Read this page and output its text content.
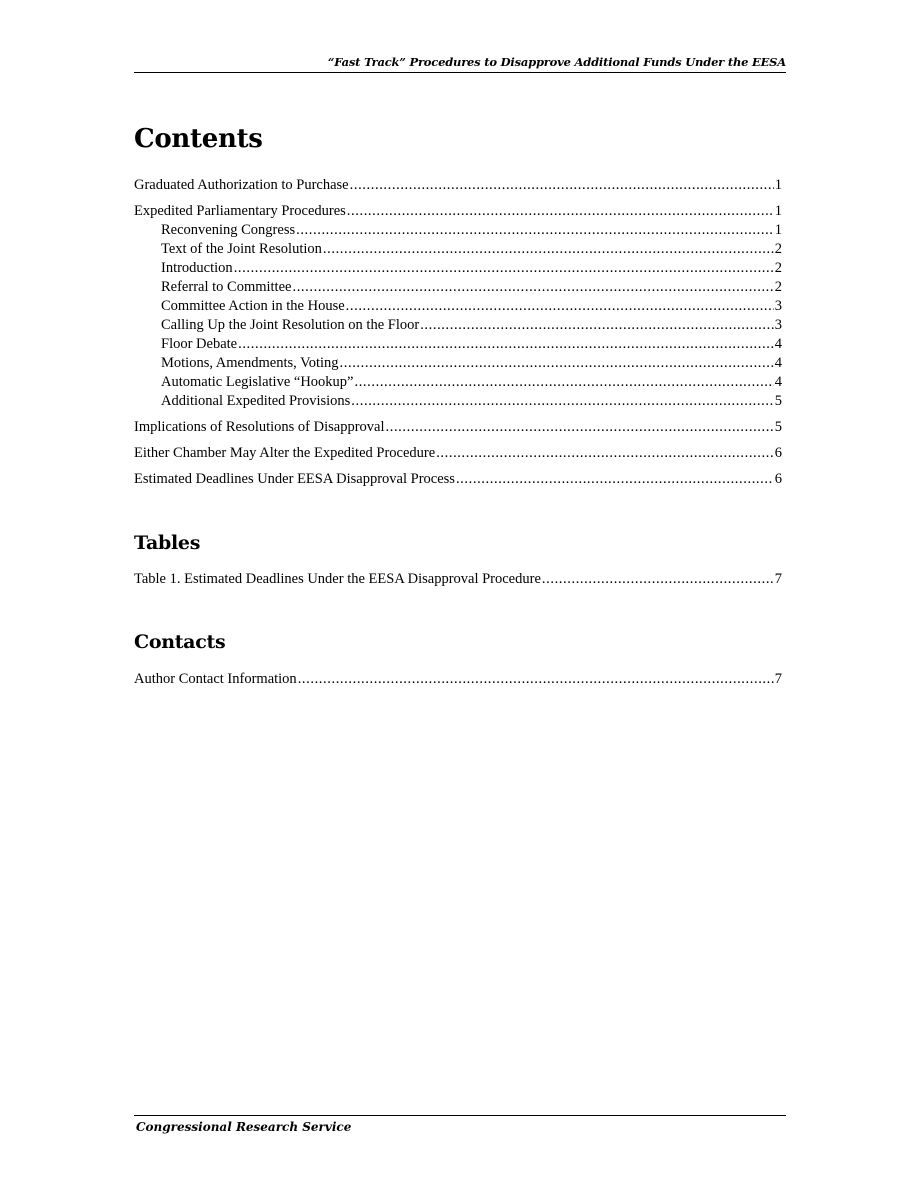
“Fast Track” Procedures to Disapprove Additional Funds Under the EESA
Contents
Graduated Authorization to Purchase .....	1
Expedited Parliamentary Procedures .....	1
Reconvening Congress .....	1
Text of the Joint Resolution .....	2
Introduction .....	2
Referral to Committee .....	2
Committee Action in the House .....	3
Calling Up the Joint Resolution on the Floor .....	3
Floor Debate .....	4
Motions, Amendments, Voting .....	4
Automatic Legislative “Hookup” .....	4
Additional Expedited Provisions .....	5
Implications of Resolutions of Disapproval .....	5
Either Chamber May Alter the Expedited Procedure .....	6
Estimated Deadlines Under EESA Disapproval Process .....	6
Tables
Table 1. Estimated Deadlines Under the EESA Disapproval Procedure .....	7
Contacts
Author Contact Information .....	7
Congressional Research Service
